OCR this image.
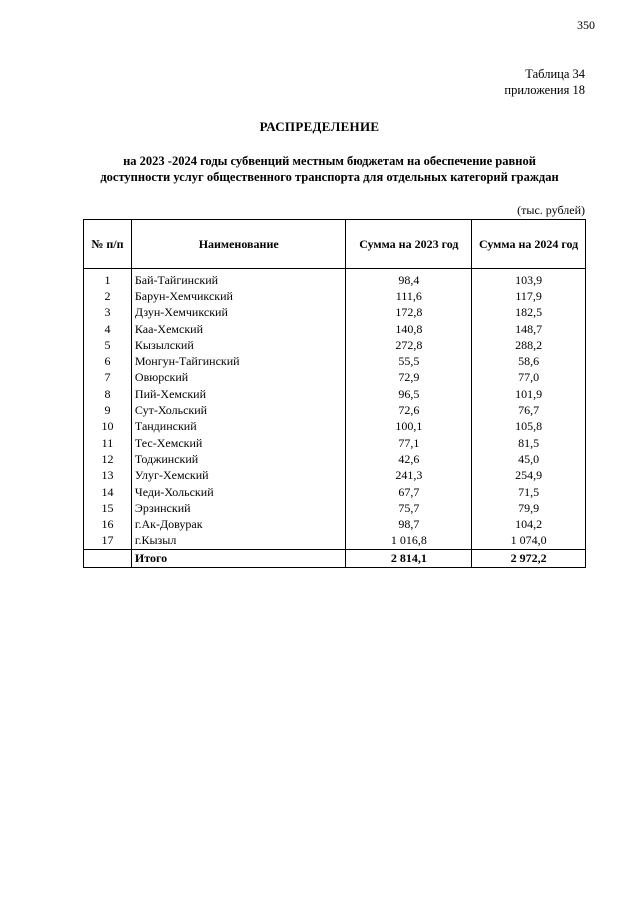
350
Таблица 34
приложения 18
РАСПРЕДЕЛЕНИЕ
на 2023 -2024 годы субвенций местным бюджетам на обеспечение равной
доступности услуг общественного транспорта для отдельных категорий граждан
(тыс. рублей)
№ п/п	Наименование	Сумма на 2023 год	Сумма на 2024 год
1	Бай-Тайгинский	98,4	103,9
2	Барун-Хемчикский	111,6	117,9
3	Дзун-Хемчикский	172,8	182,5
4	Каа-Хемский	140,8	148,7
5	Кызылский	272,8	288,2
6	Монгун-Тайгинский	55,5	58,6
7	Овюрский	72,9	77,0
8	Пий-Хемский	96,5	101,9
9	Сут-Хольский	72,6	76,7
10	Тандинский	100,1	105,8
11	Тес-Хемский	77,1	81,5
12	Тоджинский	42,6	45,0
13	Улуг-Хемский	241,3	254,9
14	Чеди-Хольский	67,7	71,5
15	Эрзинский	75,7	79,9
16	г.Ак-Довурак	98,7	104,2
17	г.Кызыл	1 016,8	1 074,0
	Итого	2 814,1	2 972,2
